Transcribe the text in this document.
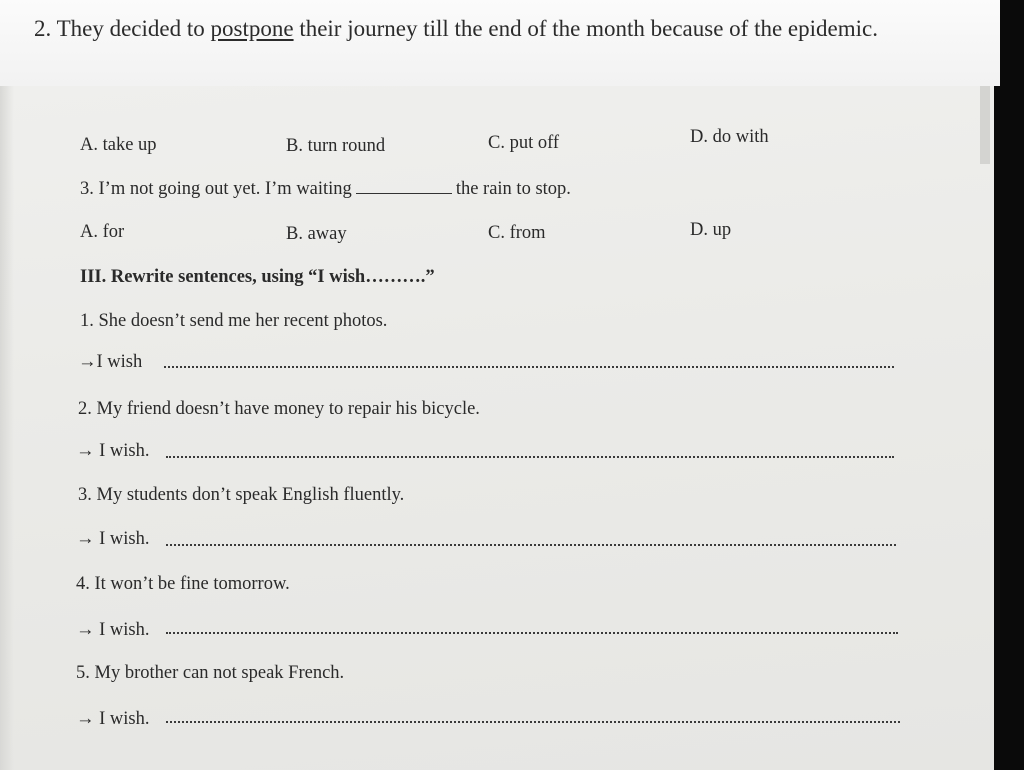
2. They decided to postpone their journey till the end of the month because of the epidemic.
A. take up	B. turn round	C. put off	D. do with
3. I’m not going out yet. I’m waiting	the rain to stop.
A. for	B. away	C. from	D. up
III. Rewrite sentences, using “I wish……….”
1. She doesn’t send me her recent photos.
→I wish
2. My friend doesn’t have money to repair his bicycle.
→ I wish.
3. My students don’t speak English fluently.
→ I wish.
4. It won’t be fine tomorrow.
→ I wish.
5. My brother can not speak French.
→ I wish.
